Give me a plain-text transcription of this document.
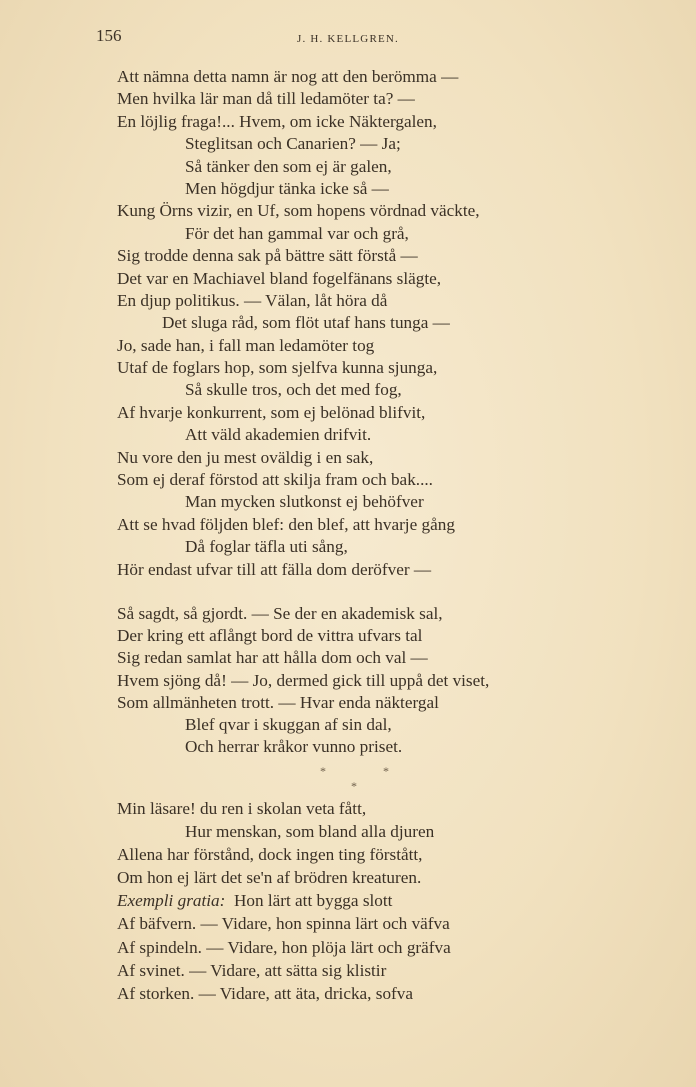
156	J. H. KELLGREN.
Att nämna detta namn är nog att den berömma —
Men hvilka lär man då till ledamöter ta? —
En löjlig fraga!... Hvem, om icke Näktergalen,
Steglitsan och Canarien? — Ja;
Så tänker den som ej är galen,
Men högdjur tänka icke så —
Kung Örns vizir, en Uf, som hopens vördnad väckte,
För det han gammal var och grå,
Sig trodde denna sak på bättre sätt förstå —
Det var en Machiavel bland fogelfänans slägte,
En djup politikus. — Välan, låt höra då
Det sluga råd, som flöt utaf hans tunga —
Jo, sade han, i fall man ledamöter tog
Utaf de foglars hop, som sjelfva kunna sjunga,
Så skulle tros, och det med fog,
Af hvarje konkurrent, som ej belönad blifvit,
Att väld akademien drifvit.
Nu vore den ju mest oväldig i en sak,
Som ej deraf förstod att skilja fram och bak....
Man mycken slutkonst ej behöfver
Att se hvad följden blef: den blef, att hvarje gång
Då foglar täfla uti sång,
Hör endast ufvar till att fälla dom deröfver —
Så sagdt, så gjordt. — Se der en akademisk sal,
Der kring ett aflångt bord de vittra ufvars tal
Sig redan samlat har att hålla dom och val —
Hvem sjöng då! — Jo, dermed gick till uppå det viset,
Som allmänheten trott. — Hvar enda näktergal
Blef qvar i skuggan af sin dal,
Och herrar kråkor vunno priset.
*	*
*
Min läsare! du ren i skolan veta fått,
Hur menskan, som bland alla djuren
Allena har förstånd, dock ingen ting förstått,
Om hon ej lärt det se'n af brödren kreaturen.
Exempli gratia: Hon lärt att bygga slott
Af bäfvern. — Vidare, hon spinna lärt och väfva
Af spindeln. — Vidare, hon plöja lärt och gräfva
Af svinet. — Vidare, att sätta sig klistir
Af storken. — Vidare, att äta, dricka, sofva
